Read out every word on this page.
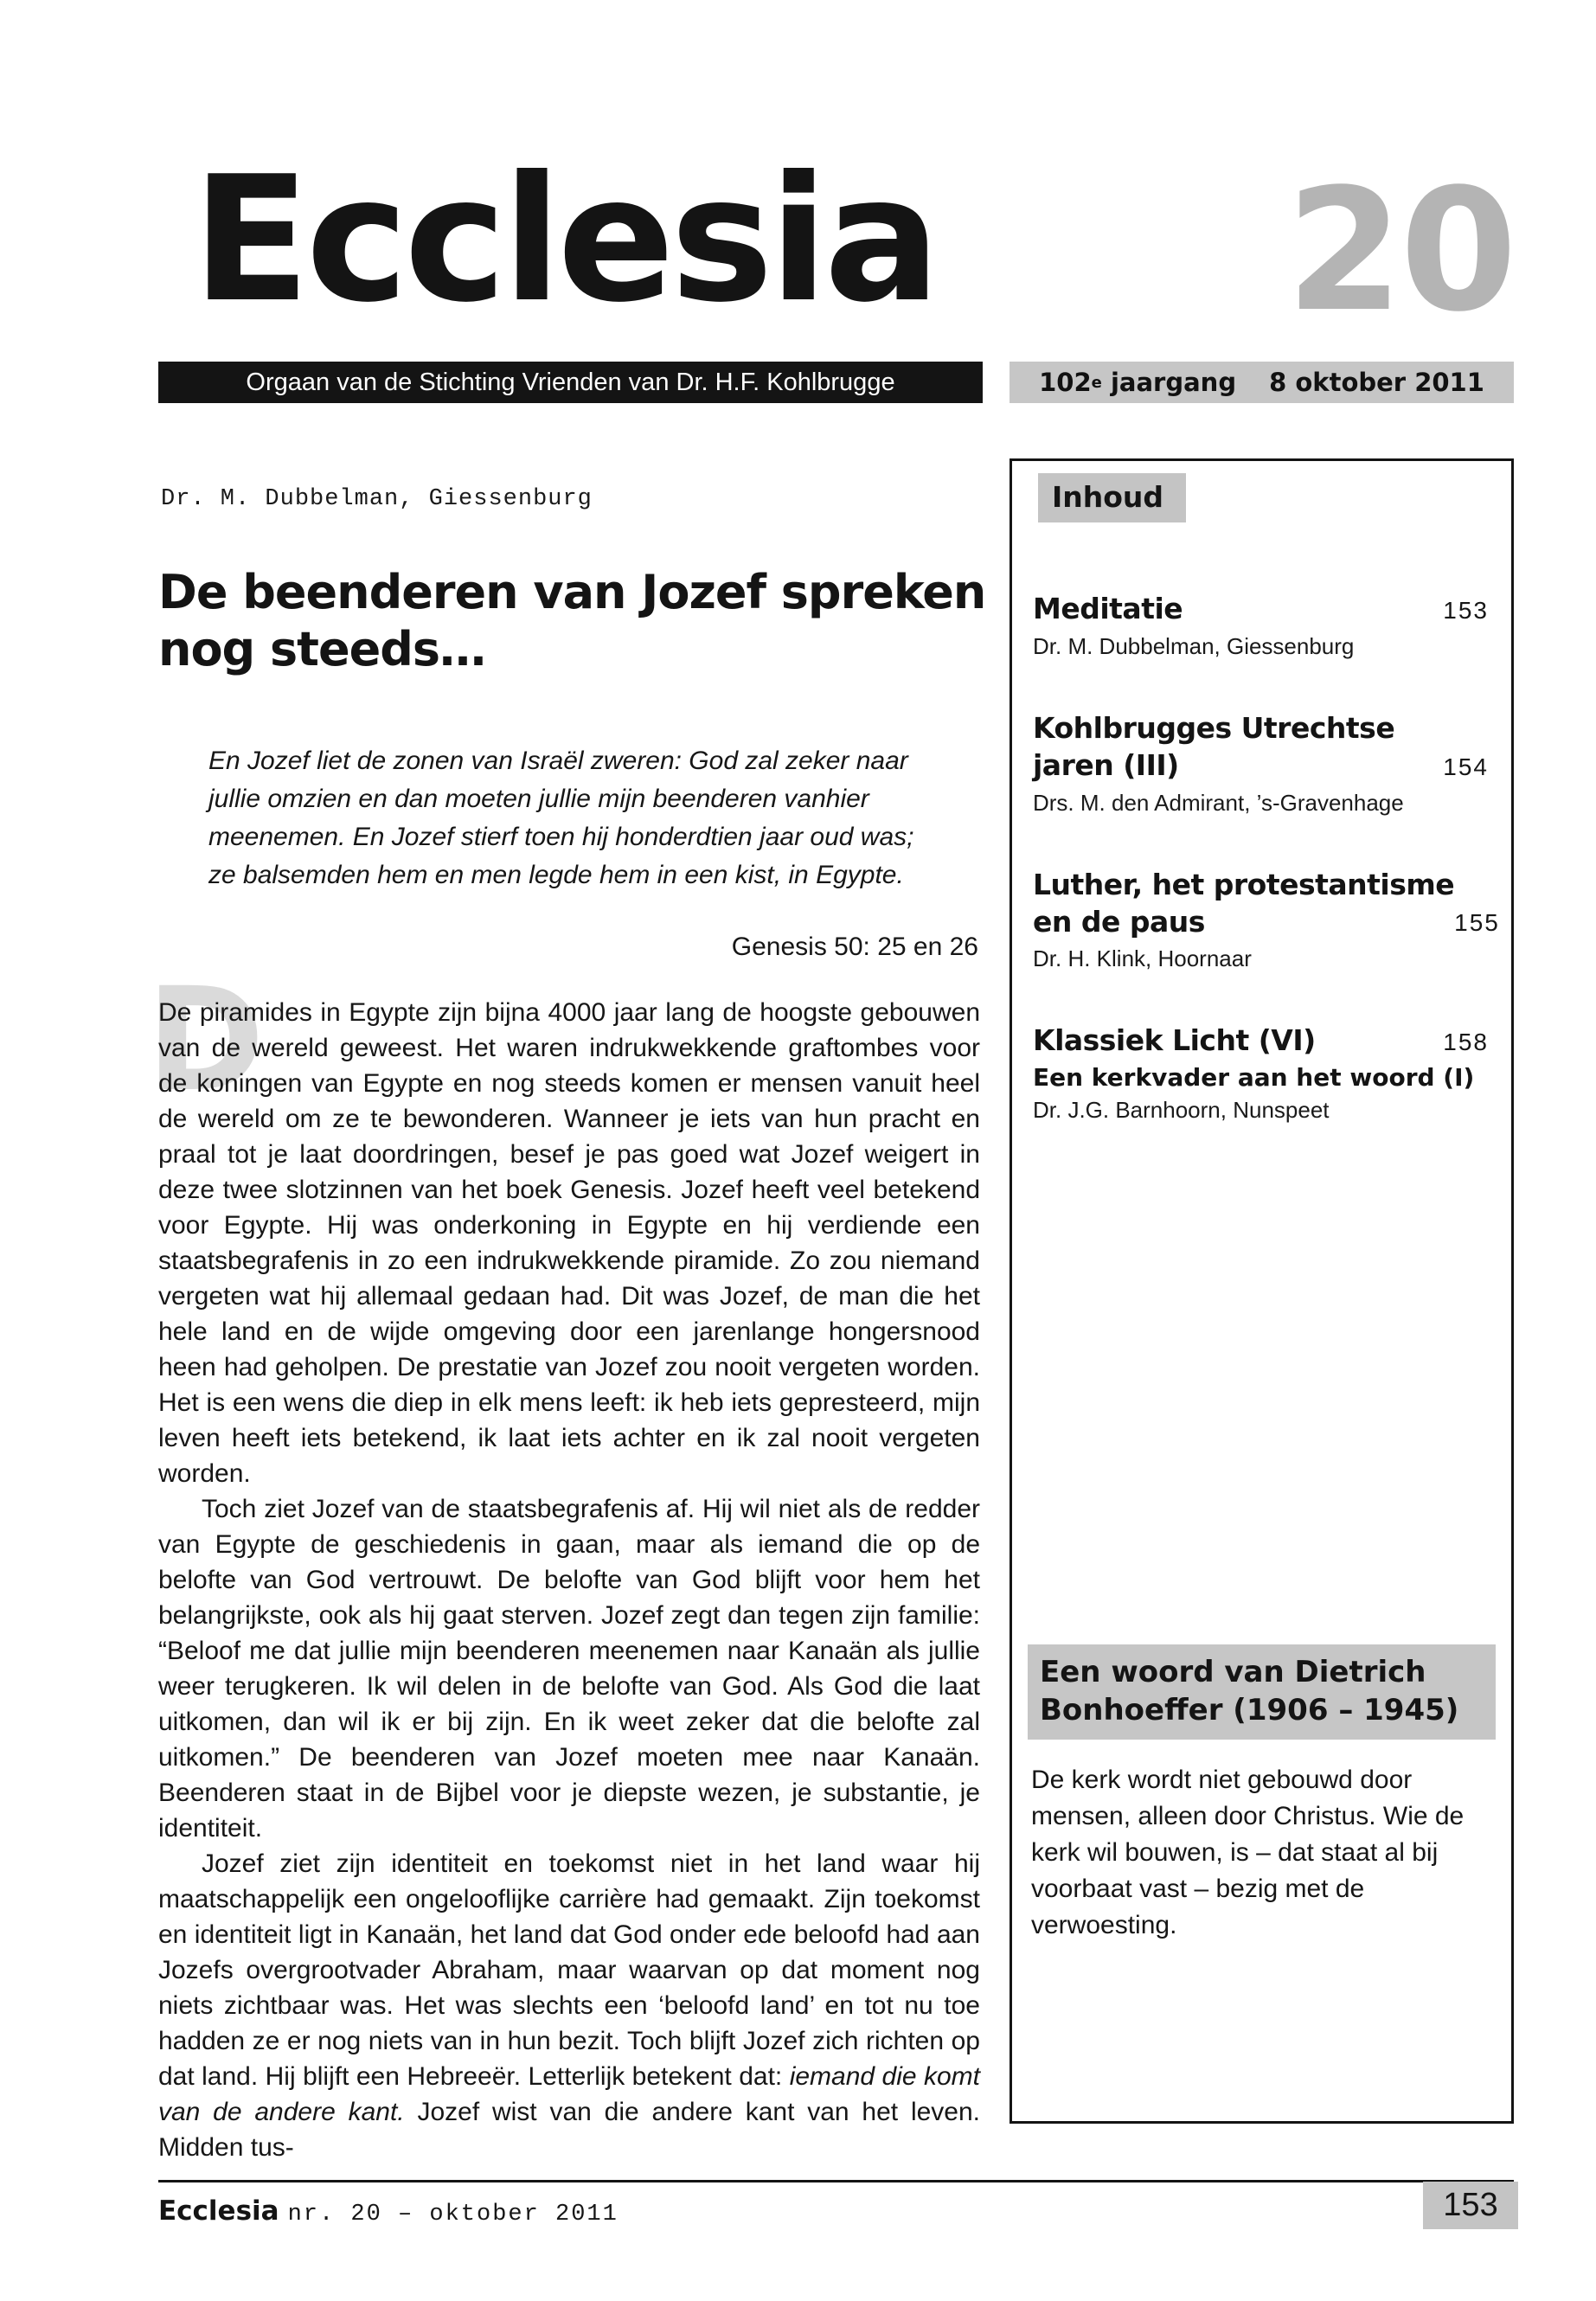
Ecclesia 20
Orgaan van de Stichting Vrienden van Dr. H.F. Kohlbrugge	102 e
jaargang 8 oktober 2011
Dr. M. Dubbelman, Giessenburg
De beenderen van Jozef spreken
nog steeds…
En Jozef liet de zonen van Israël zweren: God zal zeker naar jullie omzien en dan moeten jullie mijn beenderen vanhier meenemen. En Jozef stierf toen hij honderdtien jaar oud was; ze balsemden hem en men legde hem in een kist, in Egypte.
Genesis 50: 25 en 26

D
De piramides in Egypte zijn bijna 4000 jaar lang de hoogste gebouwen van de wereld geweest. Het waren indrukwekkende graftombes voor de koningen van Egypte en nog steeds komen er mensen vanuit heel de wereld om ze te bewonderen. Wanneer je iets van hun pracht en praal tot je laat doordringen, besef je pas goed wat Jozef weigert in deze twee slotzinnen van het boek Genesis. Jozef heeft veel betekend voor Egypte. Hij was onderkoning in Egypte en hij verdiende een staatsbegrafenis in zo een indrukwekkende piramide. Zo zou niemand vergeten wat hij allemaal gedaan had. Dit was Jozef, de man die het hele land en de wijde omgeving door een jarenlange hongersnood heen had geholpen. De prestatie van Jozef zou nooit vergeten worden. Het is een wens die diep in elk mens leeft: ik heb iets gepresteerd, mijn leven heeft iets betekend, ik laat iets achter en ik zal nooit vergeten worden.

Toch ziet Jozef van de staatsbegrafenis af. Hij wil niet als de redder van Egypte de geschiedenis in gaan, maar als iemand die op de belofte van God vertrouwt. De belofte van God blijft voor hem het belangrijkste, ook als hij gaat sterven. Jozef zegt dan tegen zijn familie: “Beloof me dat jullie mijn beenderen meenemen naar Kanaän als jullie weer terugkeren. Ik wil delen in de belofte van God. Als God die laat uitkomen, dan wil ik er bij zijn. En ik weet zeker dat die belofte zal uitkomen.” De beenderen van Jozef moeten mee naar Kanaän. Beenderen staat in de Bijbel voor je diepste wezen, je substantie, je identiteit.

Jozef ziet zijn identiteit en toekomst niet in het land waar hij maatschappelijk een ongelooflijke carrière had gemaakt. Zijn toekomst en identiteit ligt in Kanaän, het land dat God onder ede beloofd had aan Jozefs overgrootvader Abraham, maar waarvan op dat moment nog niets zichtbaar was. Het was slechts een ‘beloofd land’ en tot nu toe hadden ze er nog niets van in hun bezit. Toch blijft Jozef zich richten op dat land. Hij blijft een Hebreeër. Letterlijk betekent dat: iemand die komt van de andere kant. Jozef wist van die andere kant van het leven. Midden tus-

Inhoud
Meditatie	153
Dr. M. Dubbelman, Giessenburg
Kohlbrugges Utrechtse
jaren (III)	154
Drs. M. den Admirant, ’s-Gravenhage
Luther, het protestantisme
en de paus	155
Dr. H. Klink, Hoornaar
Klassiek Licht (VI)	158
Een kerkvader aan het woord (I)
Dr. J.G. Barnhoorn, Nunspeet
Een woord van Dietrich Bonhoeffer (1906 – 1945)
De kerk wordt niet gebouwd door mensen, alleen door Christus. Wie de kerk wil bouwen, is – dat staat al bij voorbaat vast – bezig met de verwoesting.
Ecclesia nr. 20 – oktober 2011	153
